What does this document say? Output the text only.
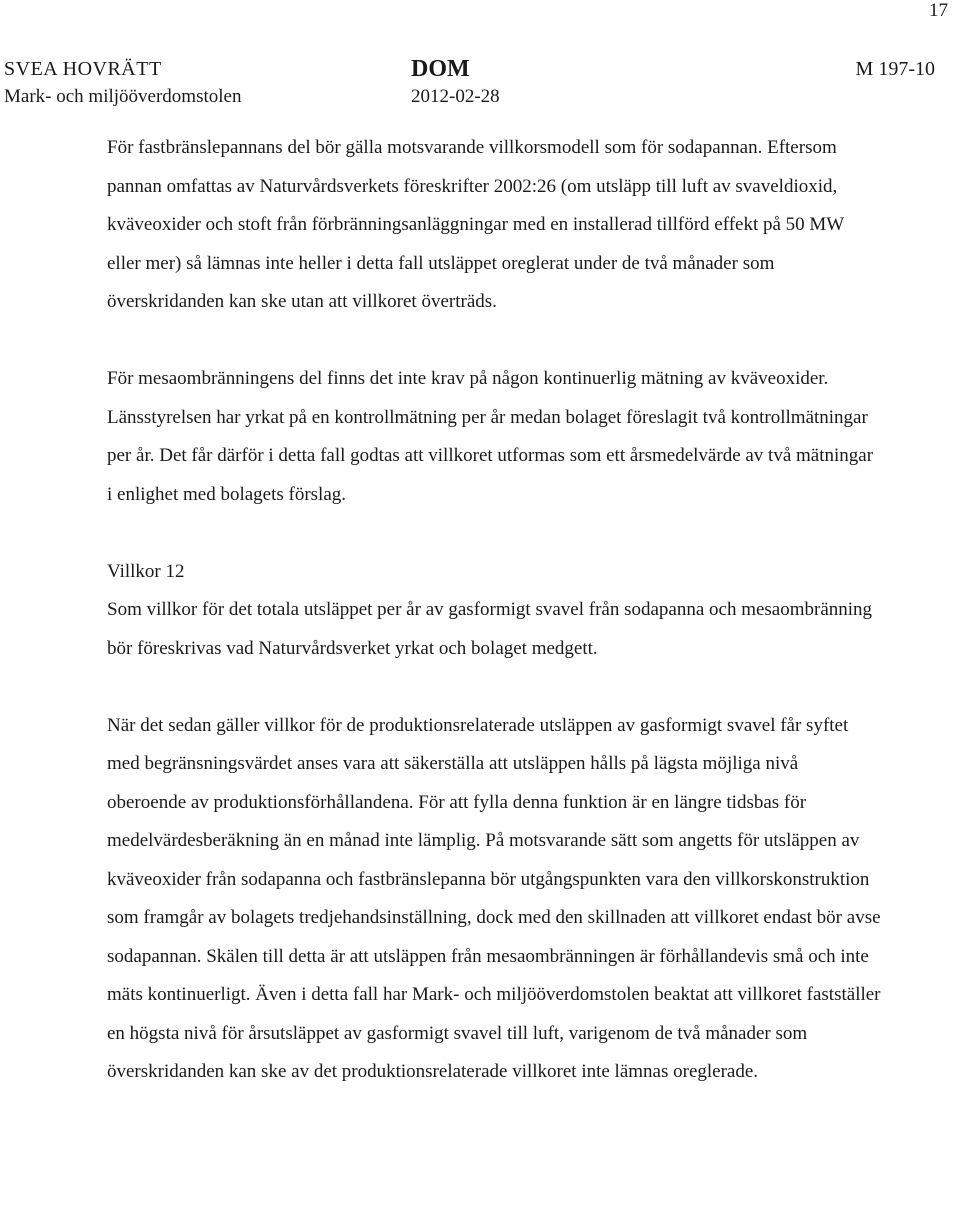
17
SVEA HOVRÄTT
Mark- och miljööverdomstolen
DOM
2012-02-28
M 197-10

För fastbränslepannans del bör gälla motsvarande villkorsmodell som för sodapannan. Eftersom pannan omfattas av Naturvårdsverkets föreskrifter 2002:26 (om utsläpp till luft av svaveldioxid, kväveoxider och stoft från förbränningsanläggningar med en installerad tillförd effekt på 50 MW eller mer) så lämnas inte heller i detta fall utsläppet oreglerat under de två månader som överskridanden kan ske utan att villkoret överträds.

För mesaombränningens del finns det inte krav på någon kontinuerlig mätning av kväveoxider. Länsstyrelsen har yrkat på en kontrollmätning per år medan bolaget föreslagit två kontrollmätningar per år. Det får därför i detta fall godtas att villkoret utformas som ett årsmedelvärde av två mätningar i enlighet med bolagets förslag.

Villkor 12

Som villkor för det totala utsläppet per år av gasformigt svavel från sodapanna och mesaombränning bör föreskrivas vad Naturvårdsverket yrkat och bolaget medgett.

När det sedan gäller villkor för de produktionsrelaterade utsläppen av gasformigt svavel får syftet med begränsningsvärdet anses vara att säkerställa att utsläppen hålls på lägsta möjliga nivå oberoende av produktionsförhållandena. För att fylla denna funktion är en längre tidsbas för medelvärdesberäkning än en månad inte lämplig. På motsvarande sätt som angetts för utsläppen av kväveoxider från sodapanna och fastbränslepanna bör utgångspunkten vara den villkorskonstruktion som framgår av bolagets tredjehandsinställning, dock med den skillnaden att villkoret endast bör avse sodapannan. Skälen till detta är att utsläppen från mesaombränningen är förhållandevis små och inte mäts kontinuerligt. Även i detta fall har Mark- och miljööverdomstolen beaktat att villkoret fastställer en högsta nivå för årsutsläppet av gasformigt svavel till luft, varigenom de två månader som överskridanden kan ske av det produktionsrelaterade villkoret inte lämnas oreglerade.
